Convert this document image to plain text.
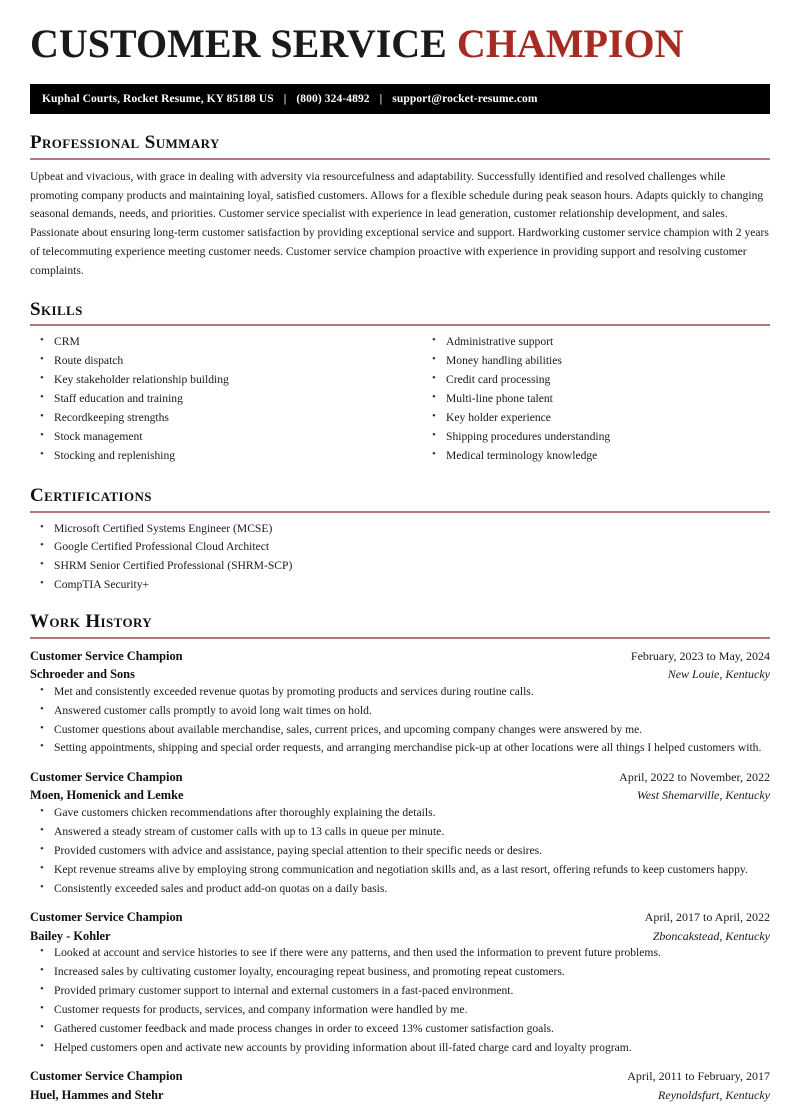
CUSTOMER SERVICE CHAMPION
Kuphal Courts, Rocket Resume, KY 85188 US | (800) 324-4892 | support@rocket-resume.com
Professional Summary
Upbeat and vivacious, with grace in dealing with adversity via resourcefulness and adaptability. Successfully identified and resolved challenges while promoting company products and maintaining loyal, satisfied customers. Allows for a flexible schedule during peak season hours. Adapts quickly to changing seasonal demands, needs, and priorities. Customer service specialist with experience in lead generation, customer relationship development, and sales. Passionate about ensuring long-term customer satisfaction by providing exceptional service and support. Hardworking customer service champion with 2 years of telecommuting experience meeting customer needs. Customer service champion proactive with experience in providing support and resolving customer complaints.
Skills
• CRM
• Route dispatch
• Key stakeholder relationship building
• Staff education and training
• Recordkeeping strengths
• Stock management
• Stocking and replenishing
• Administrative support
• Money handling abilities
• Credit card processing
• Multi-line phone talent
• Key holder experience
• Shipping procedures understanding
• Medical terminology knowledge
Certifications
• Microsoft Certified Systems Engineer (MCSE)
• Google Certified Professional Cloud Architect
• SHRM Senior Certified Professional (SHRM-SCP)
• CompTIA Security+
Work History
Customer Service Champion	February, 2023 to May, 2024
Schroeder and Sons	New Louie, Kentucky
• Met and consistently exceeded revenue quotas by promoting products and services during routine calls.
• Answered customer calls promptly to avoid long wait times on hold.
• Customer questions about available merchandise, sales, current prices, and upcoming company changes were answered by me.
• Setting appointments, shipping and special order requests, and arranging merchandise pick-up at other locations were all things I helped customers with.
Customer Service Champion	April, 2022 to November, 2022
Moen, Homenick and Lemke	West Shemarville, Kentucky
• Gave customers chicken recommendations after thoroughly explaining the details.
• Answered a steady stream of customer calls with up to 13 calls in queue per minute.
• Provided customers with advice and assistance, paying special attention to their specific needs or desires.
• Kept revenue streams alive by employing strong communication and negotiation skills and, as a last resort, offering refunds to keep customers happy.
• Consistently exceeded sales and product add-on quotas on a daily basis.
Customer Service Champion	April, 2017 to April, 2022
Bailey - Kohler	Zboncakstead, Kentucky
• Looked at account and service histories to see if there were any patterns, and then used the information to prevent future problems.
• Increased sales by cultivating customer loyalty, encouraging repeat business, and promoting repeat customers.
• Provided primary customer support to internal and external customers in a fast-paced environment.
• Customer requests for products, services, and company information were handled by me.
• Gathered customer feedback and made process changes in order to exceed 13% customer satisfaction goals.
• Helped customers open and activate new accounts by providing information about ill-fated charge card and loyalty program.
Customer Service Champion	April, 2011 to February, 2017
Huel, Hammes and Stehr	Reynoldsfurt, Kentucky
